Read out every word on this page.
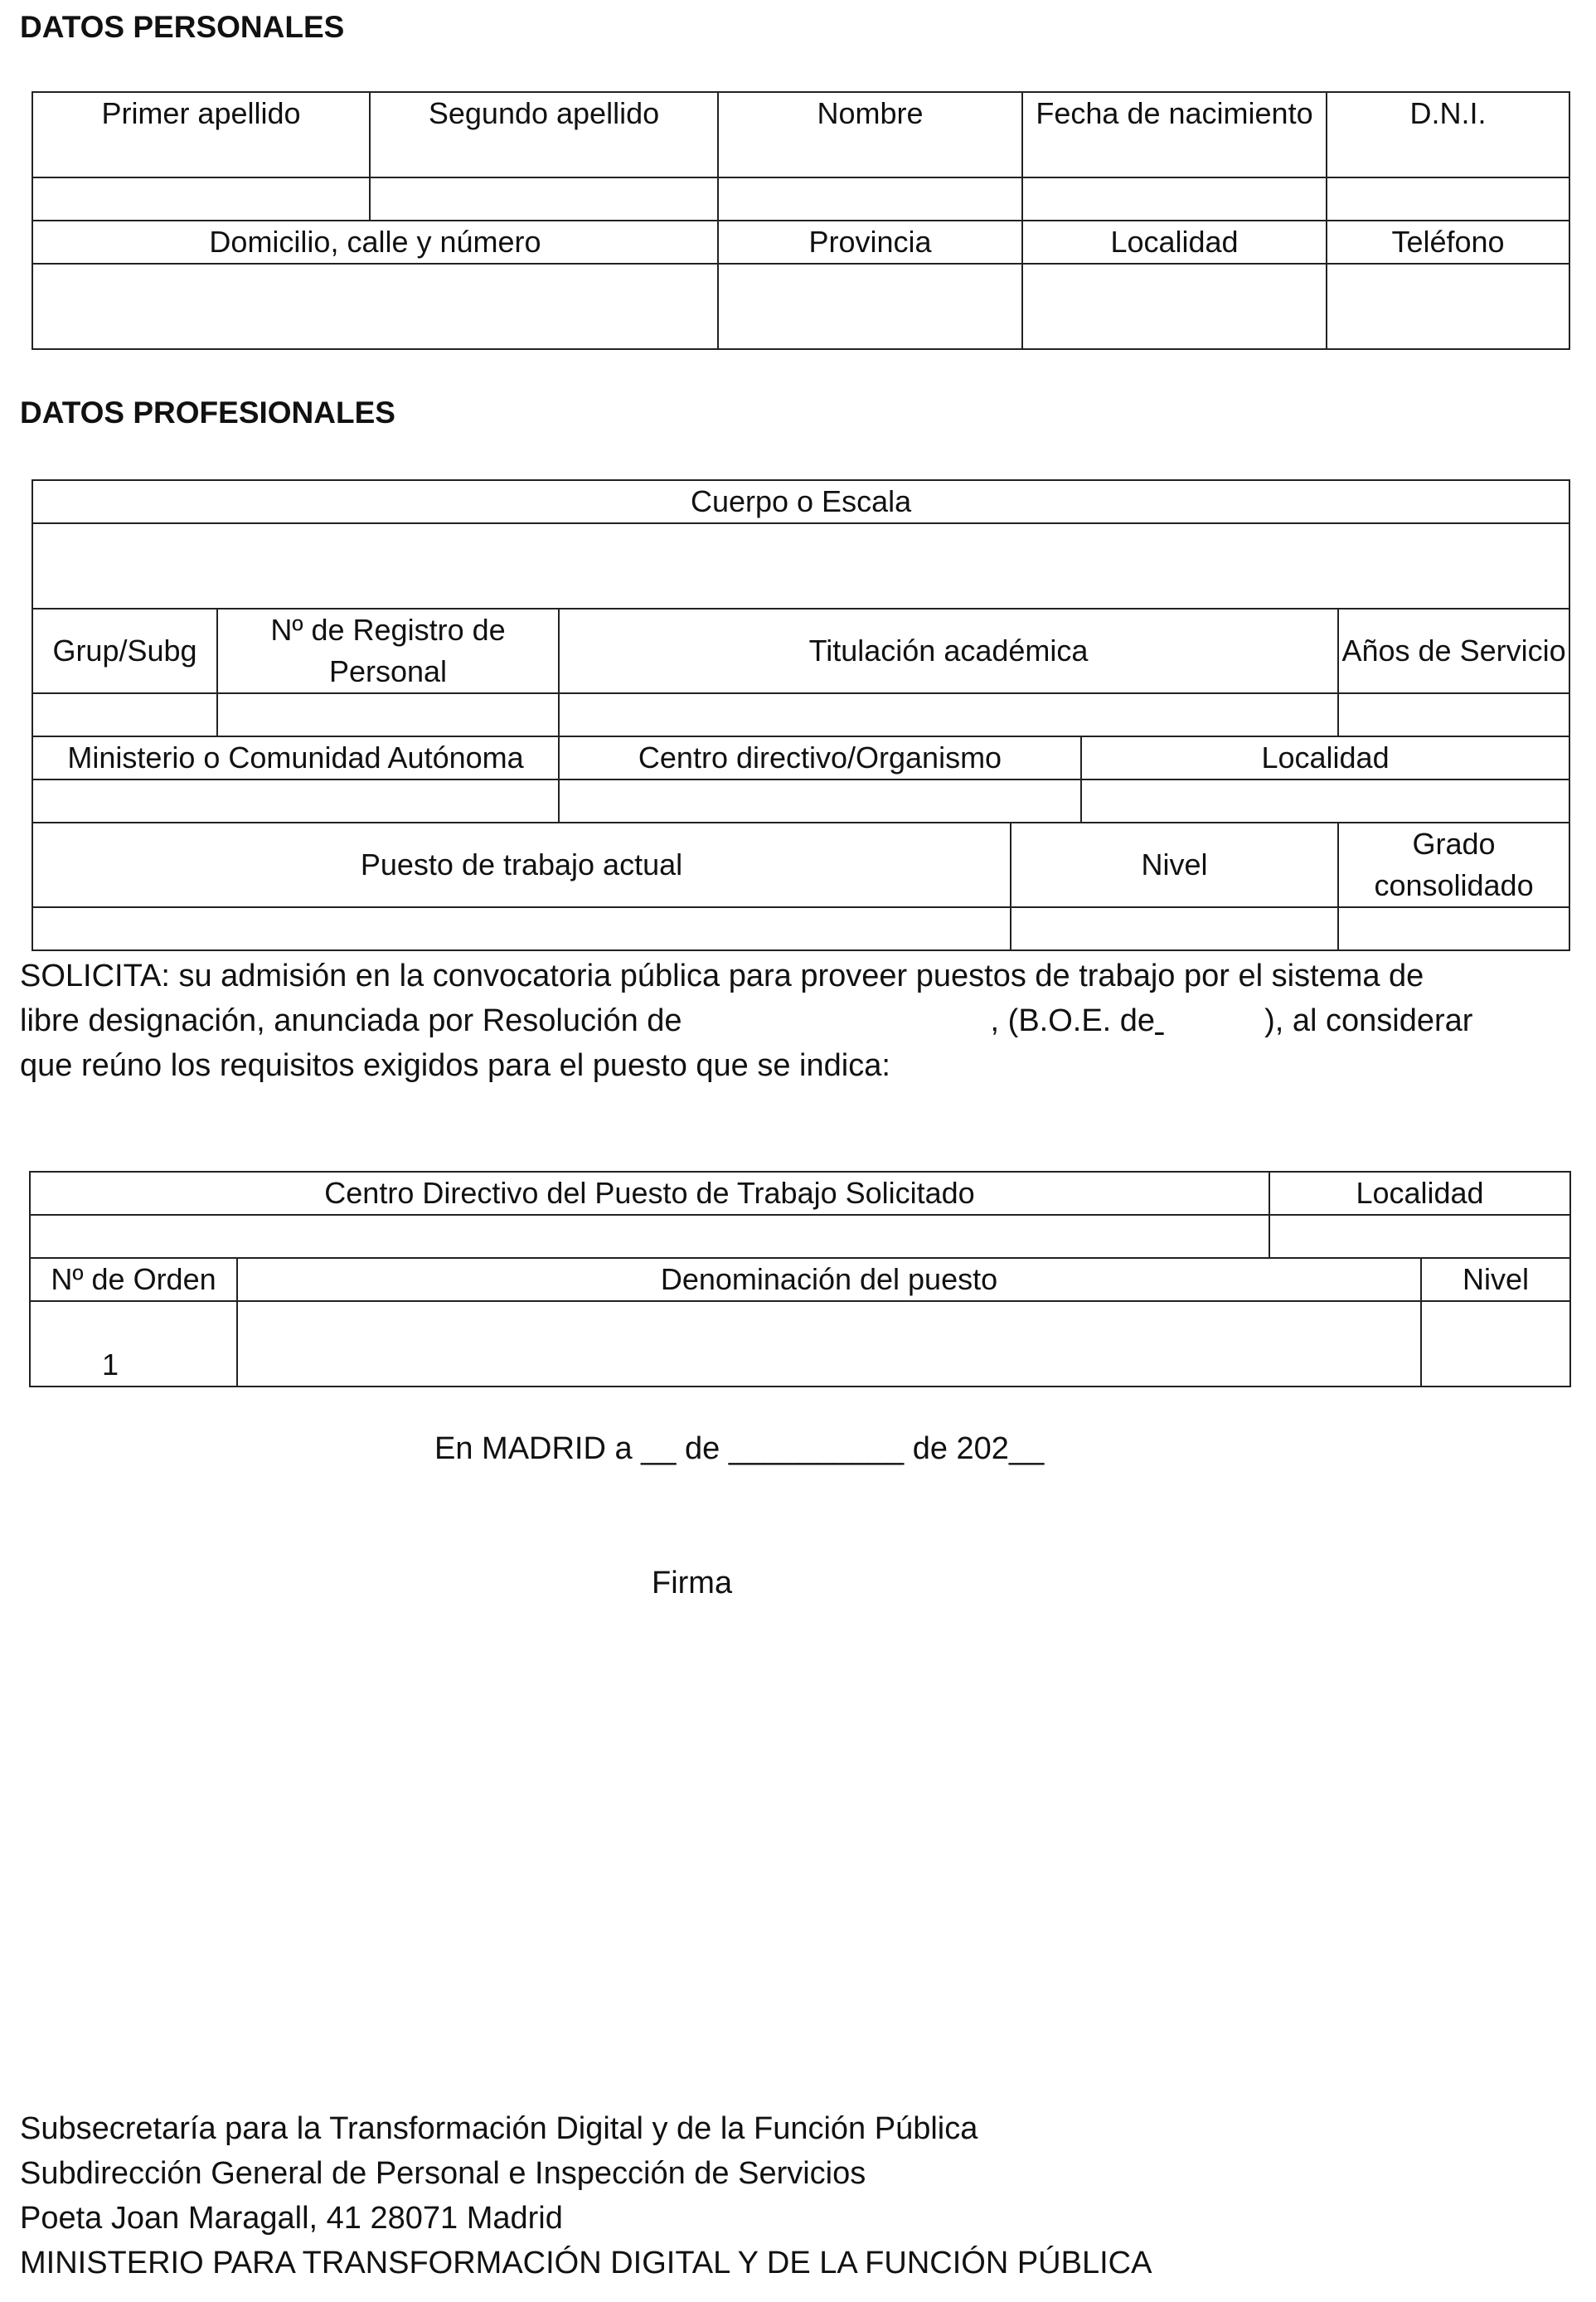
DATOS PERSONALES
Primer apellido	Segundo apellido	Nombre	Fecha de nacimiento	D.N.I.

Domicilio, calle y número		Provincia	Localidad	Teléfono

DATOS PROFESIONALES
Cuerpo o Escala					

Grup/Subg	Nº de Registro de Personal	Titulación académica			Años de Servicio

Ministerio o Comunidad Autónoma		Centro directivo/Organismo		Localidad	

Puesto de trabajo actual			Nivel		Grado consolidado

SOLICITA: su admisión en la convocatoria pública para proveer puestos de trabajo por el sistema de
libre designación, anunciada por Resolución de	, (B.O.E. de	), al considerar
que reúno los requisitos exigidos para el puesto que se indica:
Centro Directivo del Puesto de Trabajo Solicitado		Localidad	

Nº de Orden	Denominación del puesto		Nivel
1			
En MADRID a __ de __________ de 202__
Firma
Subsecretaría para la Transformación Digital y de la Función Pública
Subdirección General de Personal e Inspección de Servicios
Poeta Joan Maragall, 41 28071 Madrid
MINISTERIO PARA TRANSFORMACIÓN DIGITAL Y DE LA FUNCIÓN PÚBLICA
